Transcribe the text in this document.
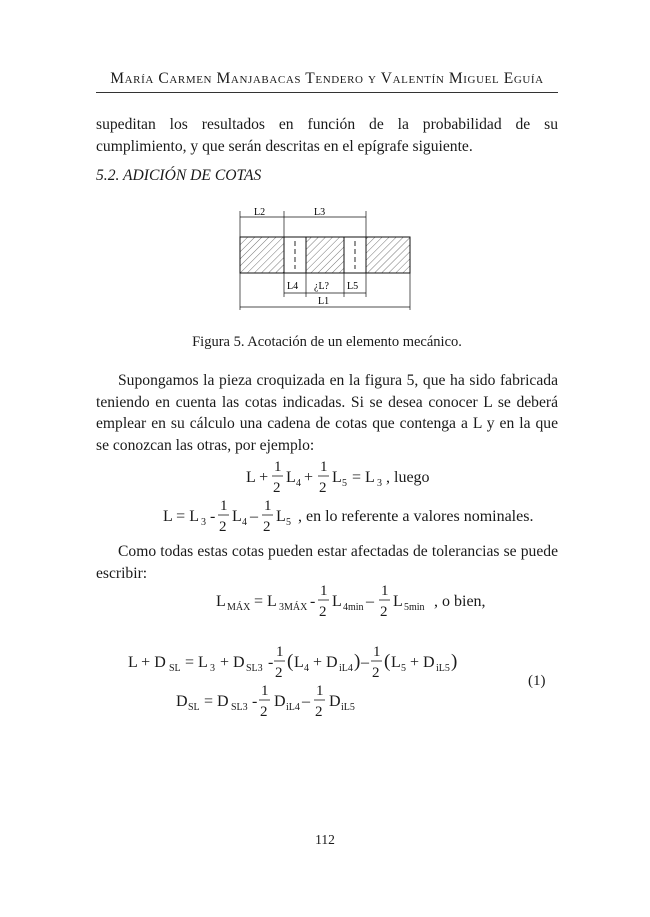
María Carmen Manjabacas Tendero y Valentín Miguel Eguía

supeditan los resultados en función de la probabilidad de su cumplimiento, y que serán descritas en el epígrafe siguiente.

5.2. ADICIÓN DE COTAS

L2	L3
L4 ¿L? L5
L1
Figura 5. Acotación de un elemento mecánico.

Supongamos la pieza croquizada en la figura 5, que ha sido fabricada teniendo en cuenta las cotas indicadas. Si se desea conocer L se deberá emplear en su cálculo una cadena de cotas que contenga a L y en la que se conozcan las otras, por ejemplo:

L +
1
2
L 4 +
1
2
L 5 = L 3 , luego
L = L 3 -
1
2
L 4 –
1
2
L 5 , en lo referente a valores nominales.
L MÁX = L 3MÁX -
1
2
L 4min –
1
2
L 5min , o bien,
L + D SL = L 3 + D SL3 -
1
2
( L 4 + D iL4 ) –
1
2
( L 5 + D iL5 )
D SL = D SL3 -
1
2
D iL4 –
1
2
D iL5

Como todas estas cotas pueden estar afectadas de tolerancias se puede escribir:

(1)
112
